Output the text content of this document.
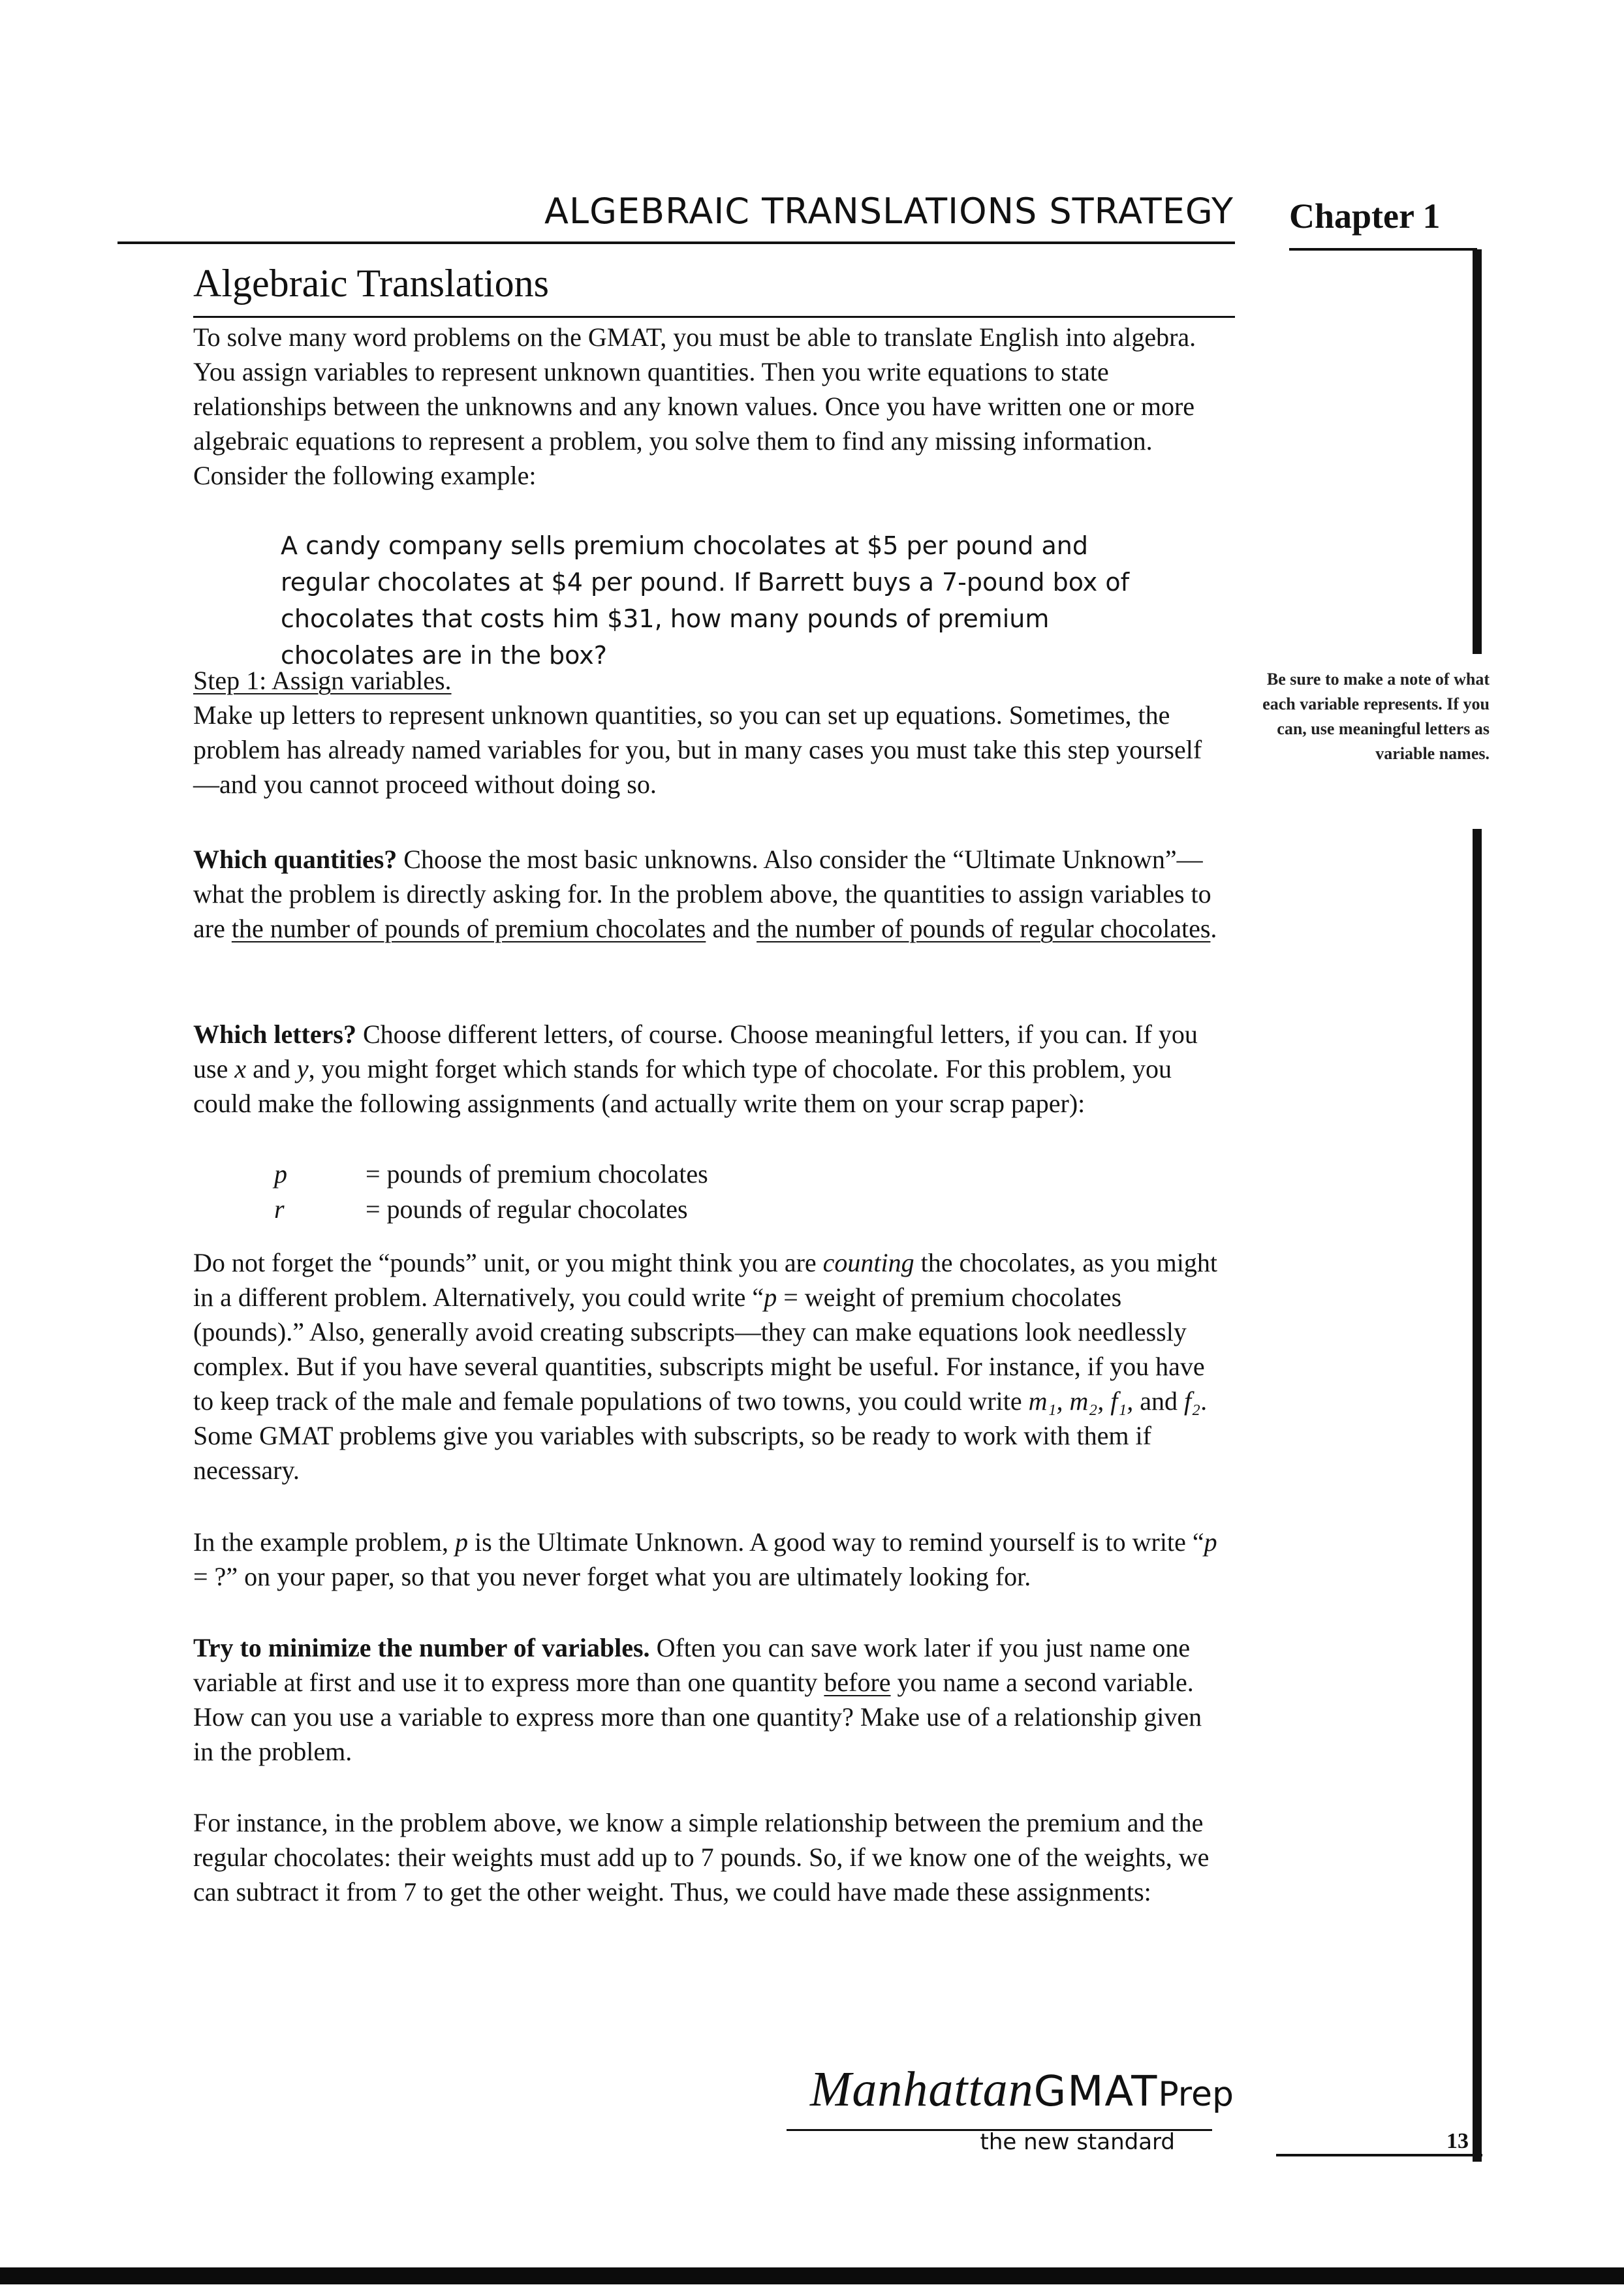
ALGEBRAIC TRANSLATIONS STRATEGY Chapter 1
Be sure to make a note of what each variable represents. If you can, use meaningful letters as variable names.
Algebraic Translations
To solve many word problems on the GMAT, you must be able to translate English into algebra. You assign variables to represent unknown quantities. Then you write equations to state relationships between the unknowns and any known values. Once you have written one or more algebraic equations to represent a problem, you solve them to find any missing information. Consider the following example:
A candy company sells premium chocolates at $5 per pound and regular chocolates at $4 per pound. If Barrett buys a 7-pound box of chocolates that costs him $31, how many pounds of premium chocolates are in the box?
Step 1: Assign variables.
Make up letters to represent unknown quantities, so you can set up equations. Sometimes, the problem has already named variables for you, but in many cases you must take this step yourself—and you cannot proceed without doing so.
Which quantities? Choose the most basic unknowns. Also consider the “Ultimate Unknown”—what the problem is directly asking for. In the problem above, the quantities to assign variables to are the number of pounds of premium chocolates and the number of pounds of regular chocolates.
Which letters? Choose different letters, of course. Choose meaningful letters, if you can. If you use x and y, you might forget which stands for which type of chocolate. For this problem, you could make the following assignments (and actually write them on your scrap paper):
p	= pounds of premium chocolates
r	= pounds of regular chocolates
Do not forget the “pounds” unit, or you might think you are counting the chocolates, as you might in a different problem. Alternatively, you could write “p = weight of premium chocolates (pounds).” Also, generally avoid creating subscripts—they can make equations look needlessly complex. But if you have several quantities, subscripts might be useful. For instance, if you have to keep track of the male and female populations of two towns, you could write m₁, m₂, f₁, and f₂. Some GMAT problems give you variables with subscripts, so be ready to work with them if necessary.
In the example problem, p is the Ultimate Unknown. A good way to remind yourself is to write “p = ?” on your paper, so that you never forget what you are ultimately looking for.
Try to minimize the number of variables. Often you can save work later if you just name one variable at first and use it to express more than one quantity before you name a second variable. How can you use a variable to express more than one quantity? Make use of a relationship given in the problem.
For instance, in the problem above, we know a simple relationship between the premium and the regular chocolates: their weights must add up to 7 pounds. So, if we know one of the weights, we can subtract it from 7 to get the other weight. Thus, we could have made these assignments:
ManhattanGMATPrep
the new standard	13
